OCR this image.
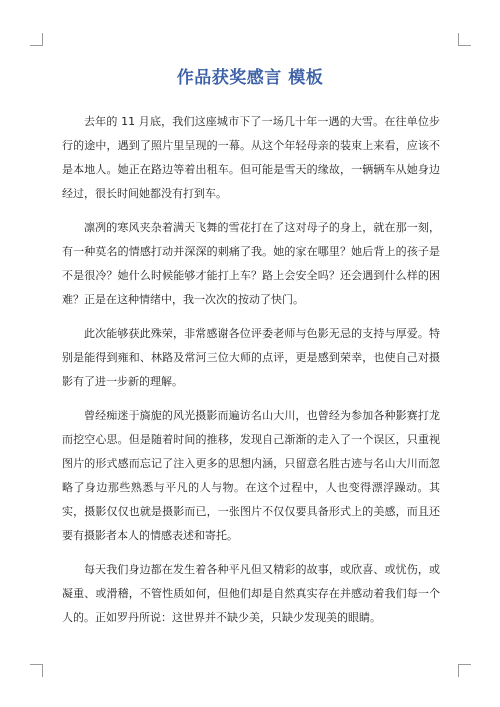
作品获奖感言 模板

去年的 11 月底，我们这座城市下了一场几十年一遇的大雪。在往单位步行的途中，遇到了照片里呈现的一幕。从这个年轻母亲的装束上来看，应该不是本地人。她正在路边等着出租车。但可能是雪天的缘故，一辆辆车从她身边经过，很长时间她都没有打到车。

凛冽的寒风夹杂着满天飞舞的雪花打在了这对母子的身上，就在那一刻，有一种莫名的情感打动并深深的刺痛了我。她的家在哪里？她后背上的孩子是不是很冷？她什么时候能够才能打上车？路上会安全吗？还会遇到什么样的困难？正是在这种情绪中，我一次次的按动了快门。

此次能够获此殊荣，非常感谢各位评委老师与色影无忌的支持与厚爱。特别是能得到雍和、林路及常河三位大师的点评，更是感到荣幸，也使自己对摄影有了进一步新的理解。

曾经痴迷于旖旎的风光摄影而遍访名山大川，也曾经为参加各种影赛打龙而挖空心思。但是随着时间的推移，发现自己渐渐的走入了一个误区，只重视图片的形式感而忘记了注入更多的思想内涵，只留意名胜古迹与名山大川而忽略了身边那些熟悉与平凡的人与物。在这个过程中，人也变得漂浮躁动。其实，摄影仅仅也就是摄影而已，一张图片不仅仅要具备形式上的美感，而且还要有摄影者本人的情感表述和寄托。

每天我们身边都在发生着各种平凡但又精彩的故事，或欣喜、或忧伤，或凝重、或滑稽，不管性质如何，但他们却是自然真实存在并感动着我们每一个人的。正如罗丹所说：这世界并不缺少美，只缺少发现美的眼睛。
